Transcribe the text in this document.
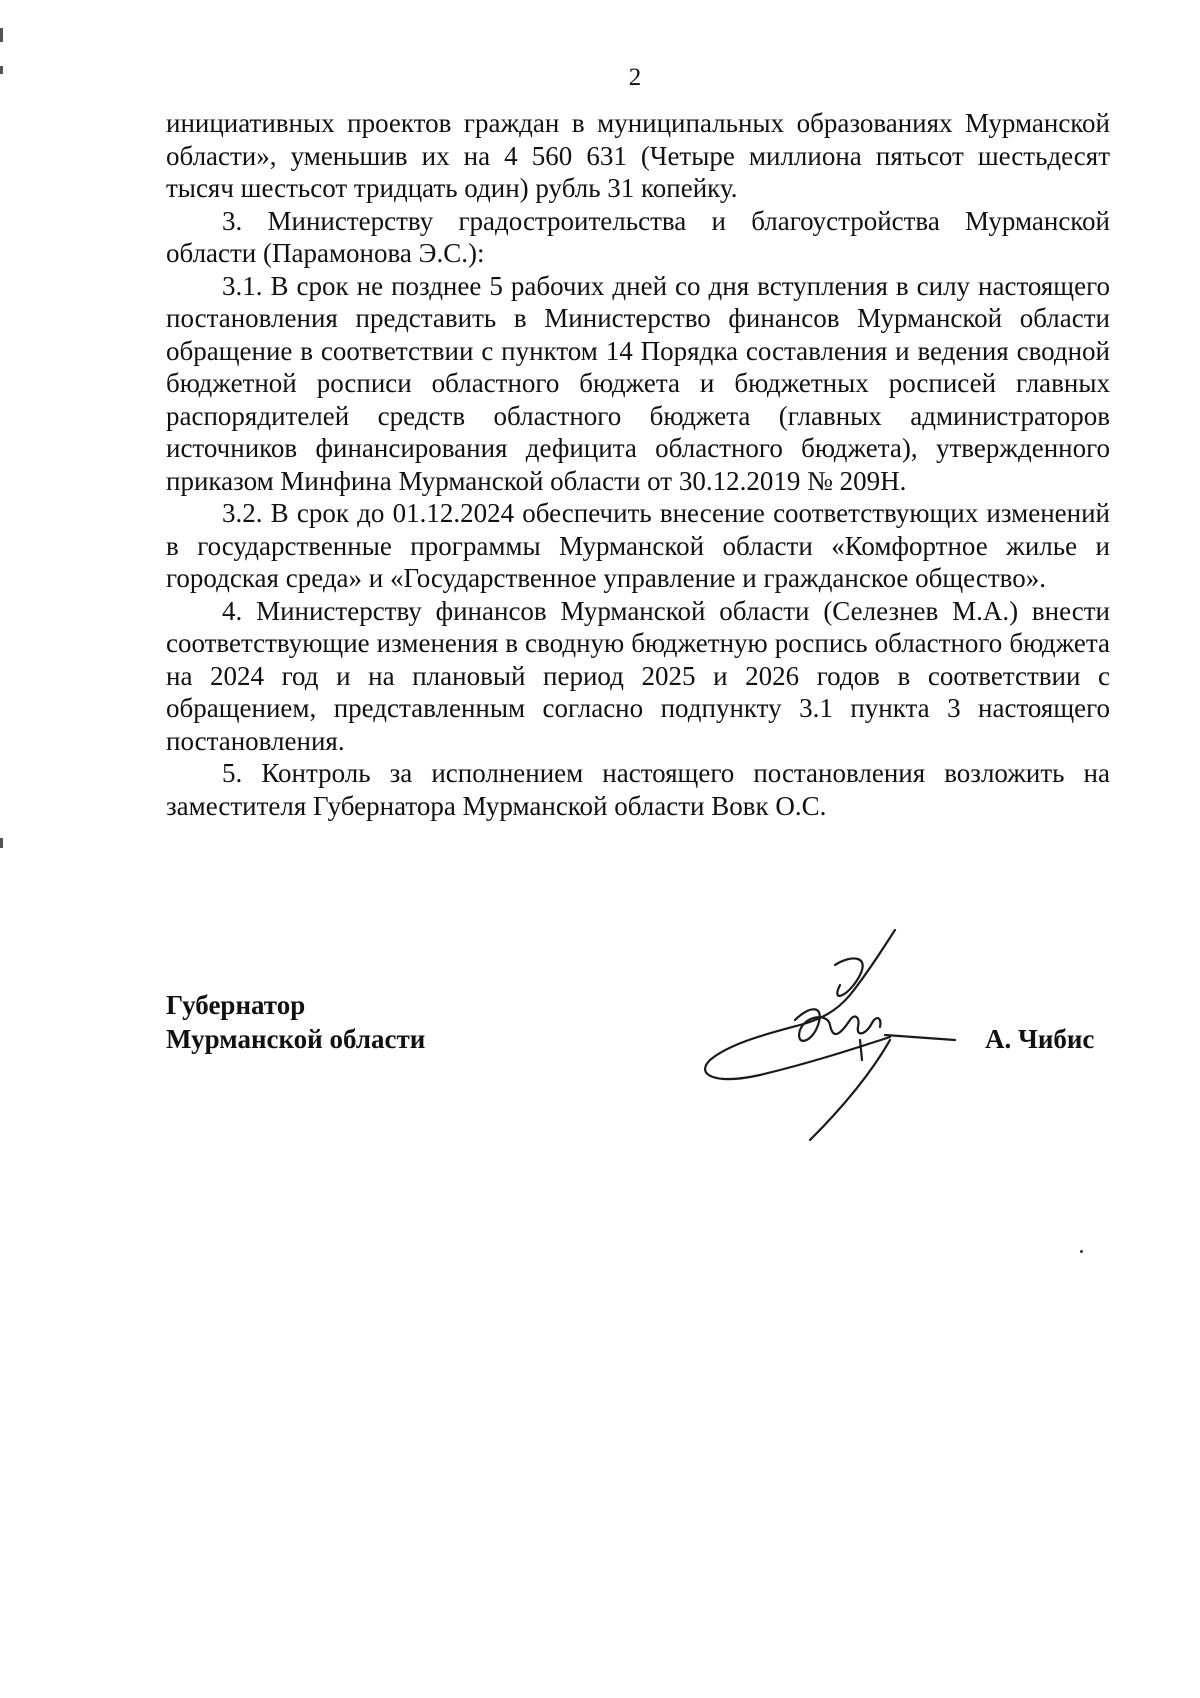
2

инициативных проектов граждан в муниципальных образованиях Мурманской области», уменьшив их на 4 560 631 (Четыре миллиона пятьсот шестьдесят тысяч шестьсот тридцать один) рубль 31 копейку.

3. Министерству градостроительства и благоустройства Мурманской области (Парамонова Э.С.):

3.1. В срок не позднее 5 рабочих дней со дня вступления в силу настоящего постановления представить в Министерство финансов Мурманской области обращение в соответствии с пунктом 14 Порядка составления и ведения сводной бюджетной росписи областного бюджета и бюджетных росписей главных распорядителей средств областного бюджета (главных администраторов источников финансирования дефицита областного бюджета), утвержденного приказом Минфина Мурманской области от 30.12.2019 № 209Н.

3.2. В срок до 01.12.2024 обеспечить внесение соответствующих изменений в государственные программы Мурманской области «Комфортное жилье и городская среда» и «Государственное управление и гражданское общество».

4. Министерству финансов Мурманской области (Селезнев М.А.) внести соответствующие изменения в сводную бюджетную роспись областного бюджета на 2024 год и на плановый период 2025 и 2026 годов в соответствии с обращением, представленным согласно подпункту 3.1 пункта 3 настоящего постановления.

5. Контроль за исполнением настоящего постановления возложить на заместителя Губернатора Мурманской области Вовк О.С.

Губернатор
Мурманской области	А. Чибис
